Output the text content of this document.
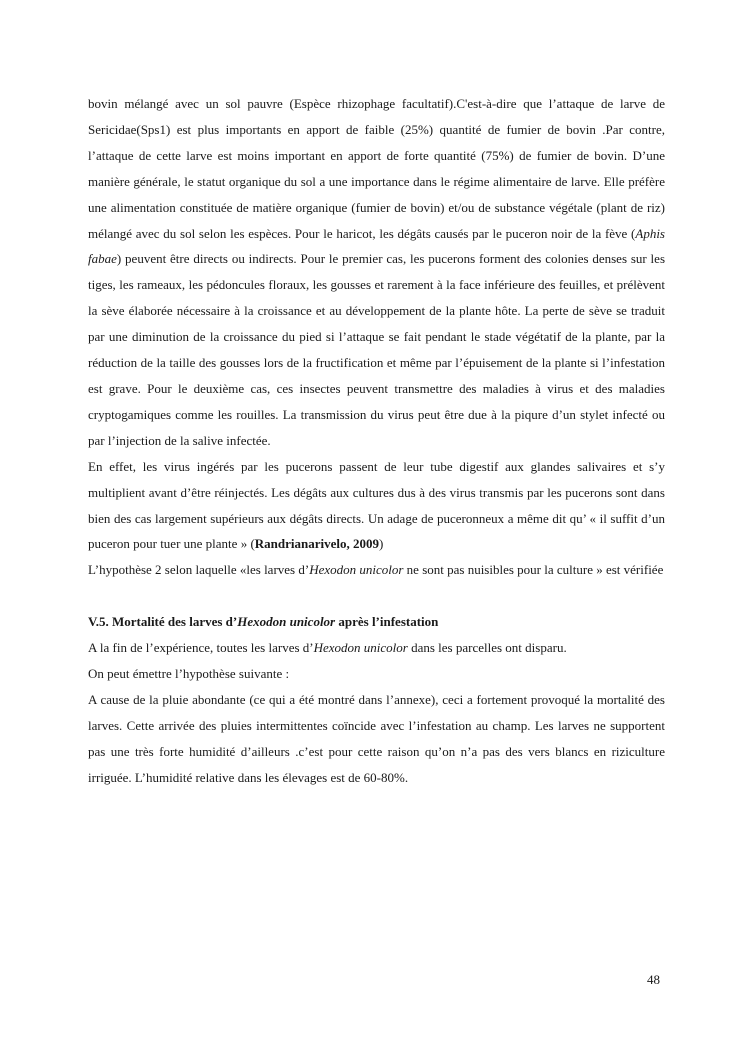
bovin mélangé avec un sol pauvre (Espèce rhizophage facultatif).C'est-à-dire que l’attaque de larve de Sericidae(Sps1) est plus importants en apport de faible (25%) quantité de fumier de bovin .Par contre, l’attaque de cette larve est moins important en apport de forte quantité (75%) de fumier de bovin. D’une manière générale, le statut organique du sol a une importance dans le régime alimentaire de larve. Elle préfère une alimentation constituée de matière organique (fumier de bovin) et/ou de substance végétale (plant de riz) mélangé avec du sol selon les espèces. Pour le haricot, les dégâts causés par le puceron noir de la fève (Aphis fabae) peuvent être directs ou indirects. Pour le premier cas, les pucerons forment des colonies denses sur les tiges, les rameaux, les pédoncules floraux, les gousses et rarement à la face inférieure des feuilles, et prélèvent la sève élaborée nécessaire à la croissance et au développement de la plante hôte. La perte de sève se traduit par une diminution de la croissance du pied si l’attaque se fait pendant le stade végétatif de la plante, par la réduction de la taille des gousses lors de la fructification et même par l’épuisement de la plante si l’infestation est grave. Pour le deuxième cas, ces insectes peuvent transmettre des maladies à virus et des maladies cryptogamiques comme les rouilles. La transmission du virus peut être due à la piqure d’un stylet infecté ou par l’injection de la salive infectée.

En effet, les virus ingérés par les pucerons passent de leur tube digestif aux glandes salivaires et s’y multiplient avant d’être réinjectés. Les dégâts aux cultures dus à des virus transmis par les pucerons sont dans bien des cas largement supérieurs aux dégâts directs. Un adage de puceronneux a même dit qu’ « il suffit d’un puceron pour tuer une plante » (Randrianarivelo, 2009)

L’hypothèse 2 selon laquelle «les larves d’Hexodon unicolor ne sont pas nuisibles pour la culture » est vérifiée

V.5. Mortalité des larves d’Hexodon unicolor après l’infestation

A la fin de l’expérience, toutes les larves d’Hexodon unicolor dans les parcelles ont disparu.

On peut émettre l’hypothèse suivante :

A cause de la pluie abondante (ce qui a été montré dans l’annexe), ceci a fortement provoqué la mortalité des larves. Cette arrivée des pluies intermittentes coïncide avec l’infestation au champ. Les larves ne supportent pas une très forte humidité d’ailleurs .c’est pour cette raison qu’on n’a pas des vers blancs en riziculture irriguée. L’humidité relative dans les élevages est de 60-80%.

48
